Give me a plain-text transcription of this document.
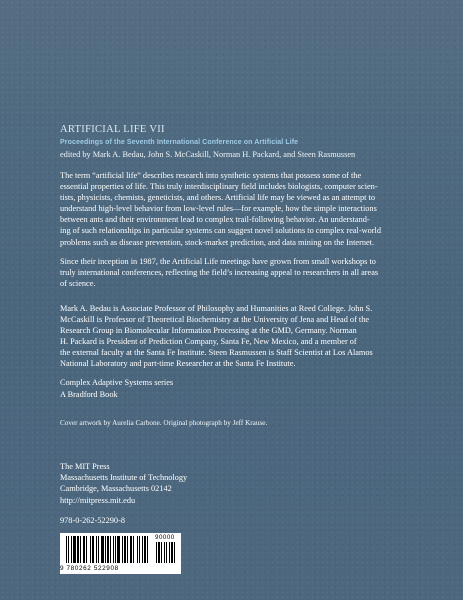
ARTIFICIAL LIFE VII
Proceedings of the Seventh International Conference on Artificial Life
edited by Mark A. Bedau, John S. McCaskill, Norman H. Packard, and Steen Rasmussen
The term “artificial life” describes research into synthetic systems that possess some of the
essential properties of life. This truly interdisciplinary field includes biologists, computer scien-
tists, physicists, chemists, geneticists, and others. Artificial life may be viewed as an attempt to
understand high-level behavior from low-level rules—for example, how the simple interactions
between ants and their environment lead to complex trail-following behavior. An understand-
ing of such relationships in particular systems can suggest novel solutions to complex real-world
problems such as disease prevention, stock-market prediction, and data mining on the Internet.
Since their inception in 1987, the Artificial Life meetings have grown from small workshops to
truly international conferences, reflecting the field’s increasing appeal to researchers in all areas
of science.
Mark A. Bedau is Associate Professor of Philosophy and Humanities at Reed College. John S.
McCaskill is Professor of Theoretical Biochemistry at the University of Jena and Head of the
Research Group in Biomolecular Information Processing at the GMD, Germany. Norman
H. Packard is President of Prediction Company, Santa Fe, New Mexico, and a member of
the external faculty at the Santa Fe Institute. Steen Rasmussen is Staff Scientist at Los Alamos
National Laboratory and part-time Researcher at the Santa Fe Institute.
Complex Adaptive Systems series
A Bradford Book
Cover artwork by Aurelia Carbone. Original photograph by Jeff Krause.
The MIT Press
Massachusetts Institute of Technology
Cambridge, Massachusetts 02142
http://mitpress.mit.edu
978-0-262-52290-8
9 780262 522908
90000
